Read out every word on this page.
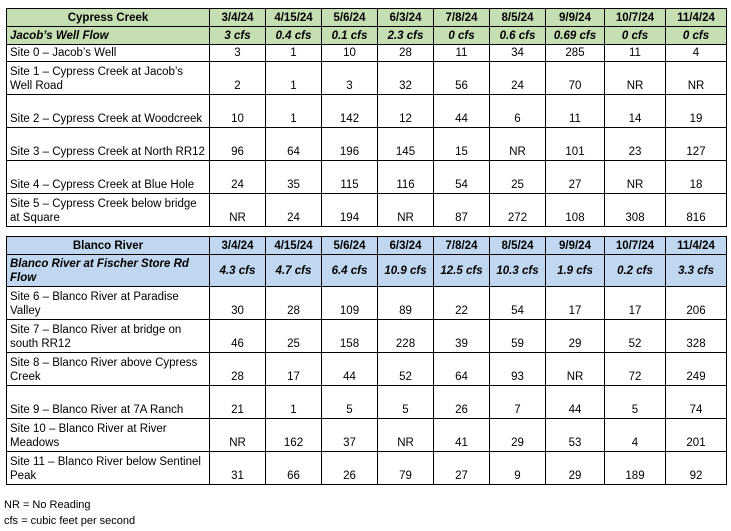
Cypress Creek	3/4/24	4/15/24	5/6/24	6/3/24	7/8/24	8/5/24	9/9/24	10/7/24	11/4/24
Jacob’s Well Flow	3 cfs	0.4 cfs	0.1 cfs	2.3 cfs	0 cfs	0.6 cfs	0.69 cfs	0 cfs	0 cfs
Site 0 – Jacob’s Well	3	1	10	28	11	34	285	11	4
Site 1 – Cypress Creek at Jacob’s Well Road	2	1	3	32	56	24	70	NR	NR
Site 2 – Cypress Creek at Woodcreek	10	1	142	12	44	6	11	14	19
Site 3 – Cypress Creek at North RR12	96	64	196	145	15	NR	101	23	127
Site 4 – Cypress Creek at Blue Hole	24	35	115	116	54	25	27	NR	18
Site 5 – Cypress Creek below bridge at Square	NR	24	194	NR	87	272	108	308	816
Blanco River	3/4/24	4/15/24	5/6/24	6/3/24	7/8/24	8/5/24	9/9/24	10/7/24	11/4/24
Blanco River at Fischer Store Rd Flow	4.3 cfs	4.7 cfs	6.4 cfs	10.9 cfs	12.5 cfs	10.3 cfs	1.9 cfs	0.2 cfs	3.3 cfs
Site 6 – Blanco River at Paradise Valley	30	28	109	89	22	54	17	17	206
Site 7 – Blanco River at bridge on south RR12	46	25	158	228	39	59	29	52	328
Site 8 – Blanco River above Cypress Creek	28	17	44	52	64	93	NR	72	249
Site 9 – Blanco River at 7A Ranch	21	1	5	5	26	7	44	5	74
Site 10 – Blanco River at River Meadows	NR	162	37	NR	41	29	53	4	201
Site 11 – Blanco River below Sentinel Peak	31	66	26	79	27	9	29	189	92
NR = No Reading
cfs = cubic feet per second
